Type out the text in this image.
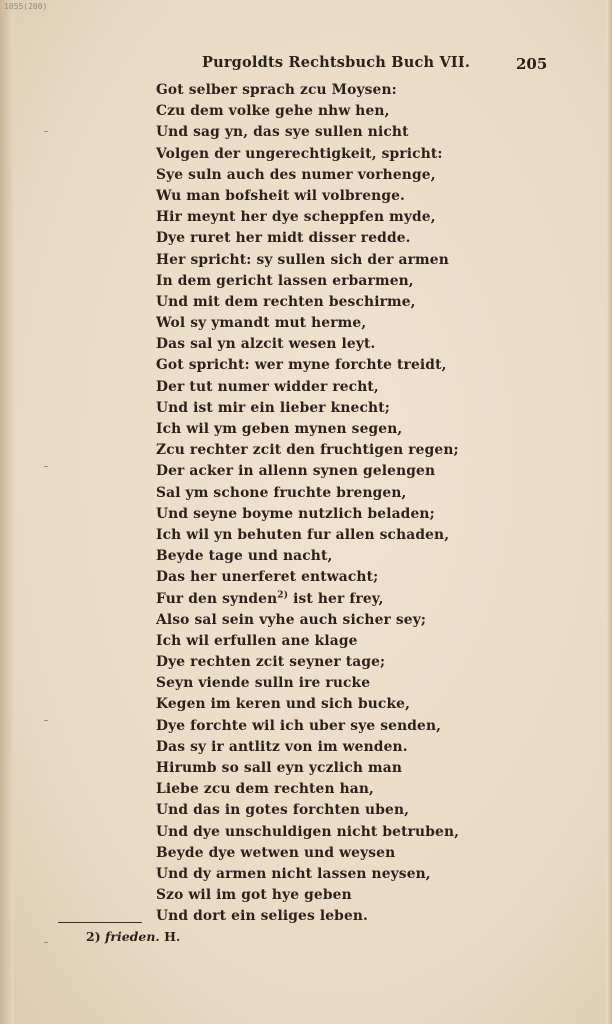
1055(200)
Purgoldts Rechtsbuch Buch VII.	205
Got selber sprach zcu Moysen:
Czu dem volke gehe nhw hen,
Und sag yn, das sye sullen nicht
Volgen der ungerechtigkeit, spricht:
Sye suln auch des numer vorhenge,
Wu man bofsheit wil volbrenge.
Hir meynt her dye scheppfen myde,
Dye ruret her midt disser redde.
Her spricht: sy sullen sich der armen
In dem gericht lassen erbarmen,
Und mit dem rechten beschirme,
Wol sy ymandt mut herme,
Das sal yn alzcit wesen leyt.
Got spricht: wer myne forchte treidt,
Der tut numer widder recht,
Und ist mir ein lieber knecht;
Ich wil ym geben mynen segen,
Zcu rechter zcit den fruchtigen regen;
Der acker in allenn synen gelengen
Sal ym schone fruchte brengen,
Und seyne boyme nutzlich beladen;
Ich wil yn behuten fur allen schaden,
Beyde tage und nacht,
Das her unerferet entwacht;
Fur den synden$^{2)}$ ist her frey,
Also sal sein vyhe auch sicher sey;
Ich wil erfullen ane klage
Dye rechten zcit seyner tage;
Seyn viende sulln ire rucke
Kegen im keren und sich bucke,
Dye forchte wil ich uber sye senden,
Das sy ir antlitz von im wenden.
Hirumb so sall eyn yczlich man
Liebe zcu dem rechten han,
Und das in gotes forchten uben,
Und dye unschuldigen nicht betruben,
Beyde dye wetwen und weysen
Und dy armen nicht lassen neysen,
Szo wil im got hye geben
Und dort ein seliges leben.
2) frieden. H.
